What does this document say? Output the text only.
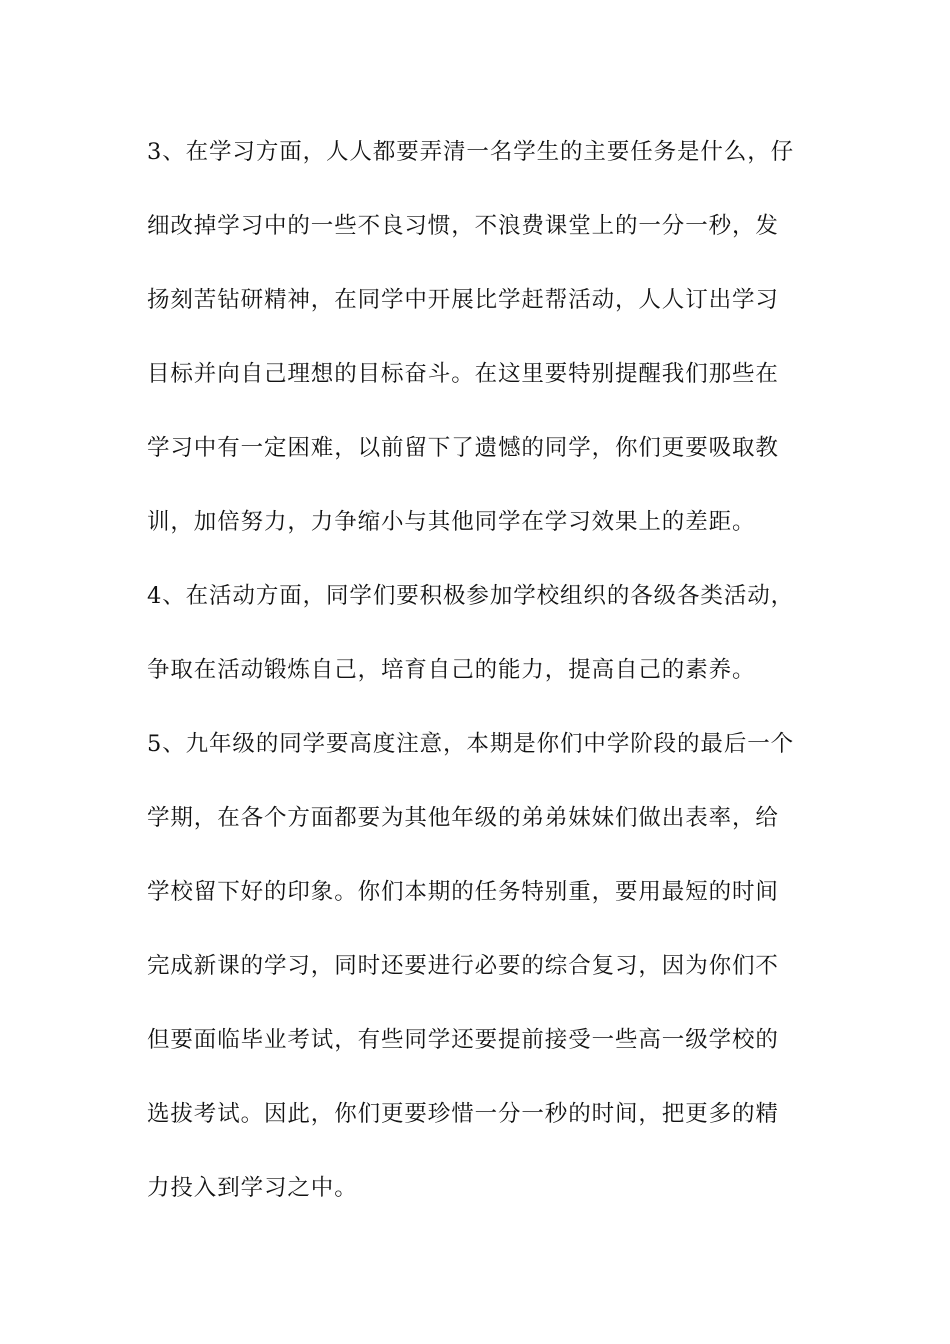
3、在学习方面，人人都要弄清一名学生的主要任务是什么，仔
细改掉学习中的一些不良习惯，不浪费课堂上的一分一秒，发
扬刻苦钻研精神，在同学中开展比学赶帮活动，人人订出学习
目标并向自己理想的目标奋斗。在这里要特别提醒我们那些在
学习中有一定困难，以前留下了遗憾的同学，你们更要吸取教
训，加倍努力，力争缩小与其他同学在学习效果上的差距。
4、在活动方面，同学们要积极参加学校组织的各级各类活动，
争取在活动锻炼自己，培育自己的能力，提高自己的素养。
5、九年级的同学要高度注意，本期是你们中学阶段的最后一个
学期，在各个方面都要为其他年级的弟弟妹妹们做出表率，给
学校留下好的印象。你们本期的任务特别重，要用最短的时间
完成新课的学习，同时还要进行必要的综合复习，因为你们不
但要面临毕业考试，有些同学还要提前接受一些高一级学校的
选拔考试。因此，你们更要珍惜一分一秒的时间，把更多的精
力投入到学习之中。
